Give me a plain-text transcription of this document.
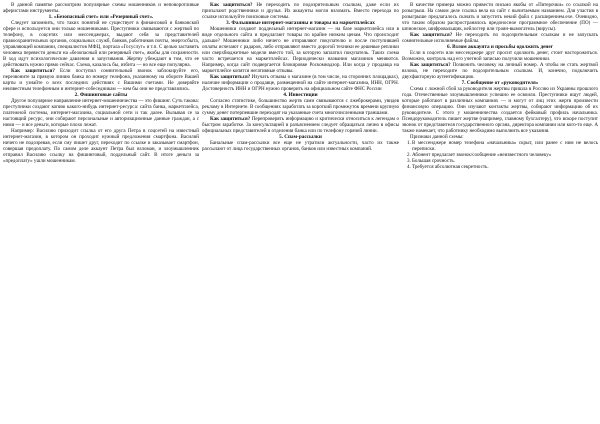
В данной памятке рассмотрим популярные схемы мошенников и неповоротливые аферистами инструменты.

1. «Безопасный счет» или «Резервный счет».

Следует запомнить, что таких понятий не существует в финансовой и банковской сфере и используется они только мошенниками. Преступники связываются с жертвой по телефону, в соцсетях или мессенджерах, выдают себя за представителей правоохранительных органов, социальных служб, банков, работников почты, энергосбыта, управляющей компании, специалистов МФЦ, портала «Госуслуг» и т.п. С целью заставить человека перевести деньги на «безопасный или резервный счет», якобы для сохранности. В ход идут психологические давления и запугивания. Жертву убеждают в том, что ее действовать нужно прямо сейчас. Схема, казалось бы, избита — но все еще популярна.

Как защититься? Если поступил сомнительный звонок заблокируйте его, перезвоните за прямую линию банка по номеру телефона, указанному на обороте Вашей карты и узнайте о всех последних действиях с Вашими счетами. Не доверяйте неизвестным телефонным и интернет-собеседникам — кем бы они не представлялись.

2. Фишинговые сайты

Другое популярное направление интернет-мошенничества — это фишинг. Суть такова: преступники создают копию какого-нибудь интернет-ресурса: сайта банка, маркетплейса, платежной системы, интернет-магазина, социальной сети и так далее. Вызывая се за настоящий ресурс, они собирают персональные и авторизационные данные граждан, а с ними — и все деньги, которые плохо лежат.

Например: Василию приходит ссылка от его друга Петра в соцсетей на известный интернет-магазин, в котором он проходит нужный предложения смартфона. Василий ничего не подозревая, если сму пишет друг, переходит по ссылке и заказывает смартфон, совершая предоплату. По самом деле аккаунт Петра был взломан, и злоумышленник отправил Василию ссылку на фишинговый, поддельный сайт. В итоге деньги за «предоплату» ушли мошенникам.

Как защититься? Не переходить по подозрительным ссылкам, даже если их присылают родственники и друзья. Их аккаунты могли взломать. Вместо перехода по ссылке используйте поисковые системы.

3. Фальшивые интернет-магазины и товары на маркетплейсах

Мошенники создают поддельный интернет-магазин — на базе маркетплейса или в виде отдельного сайта и предлагают товары по крайне низким ценам. Что происходит дальше? Мошенники либо ничего не отправляют покупателю и после поступившей оплаты исчезают с радаров, либо отправляют вместо дорогой техники ее дешевые реплики или сверхбюджетные модели вместо той, за которую заплатил покупатель. Таких схема часто встречается на маркетплейсах. Периодически названия магазинов меняются. Например, когда сайт подвергается блокировке Роскомнадзор. Или когда у продавца на маркетплейсе копятся негативные отзывы.

Как защититься? Изучать отзывы о магазине (в том числе, на сторонних площадках), наличие информации о продавце, размещенной на сайте интернет-магазина, ИНН, ОГРН. Достоверность ИНН и ОГРН нужно проверить на официальном сайте ФНС России

4. Инвестиции

Согласно статистике, большинство жертв сами связываются с лжеброкерами, увидев рекламу в Интернете. В сообщениях заработать за короткий промежуток времени крупную сумму денег потерпевшие переходят на указанные счета многочисленными траншами.

Как защититься? Перепроверять информацию и критически относиться к легендам о быстром заработке. За консультацией и разъяснением следует обращаться лично в офисы официальных представителей в отделения банка или по телефону горячей линии.

5. Спам-рассылки

Банальные спам-рассылки все еще не утратили актуальности, часто их также рассылают от лица государственных органов, банков или известных компаний.

В качестве примера можно привести письмо якобы от «Пятерочки» со ссылкой на розыгрыш. На самом деле ссылка вела на сайт с вычитаемым названием. Для участия в розыгрыше предлагалось скачать и запустить некий файл с расширением.exe. Очевидно, что таким образом распространялось вредоносное программное обеспечение (ПО) — шпионское, шифровальщик, кейлоггер или троян-вымогатель (вирусы).

Как защититься? Не переходить по подозрительным ссылкам и не запускать сомнительные исполняемые файлы.

6. Взлом аккаунта и просьбы одолжить денег

Если в соцсети или мессенджере друг просит одолжить денег, стоит насторожиться. Возможно, контроль над его учетной записью получили мошенники.

Как защититься? Позвонить человеку на личный номер. А чтобы не стать жертвой взлома, не переходите по подозрительным ссылкам. И, конечно, подключить двухфакторную аутентификацию.

7. Сообщение от «руководителя»

Схема с ложной сбой за руководителя жертвы пришла в Россию из Украины прошлого года. Отечественные злоумышленники успешно ее освоили. Преступники ищут людей, которые работают в различных компаниях — и могут от лиц этих жертв произвести финансовую операцию. Они изучают контакты жертвы, собирают информацию об их руководителе. С этого у мошенничества создается фейковый профиль начальника. Псевдоруководитель пишет жертве (например, главному бухгалтеру), что вскоре поступит звонок от представителя государственного органа, директора компании или кого-то еще. А также намекает, что работнику необходимо выполнить все указания.

Признаки данной схемы:

1. В мессенджере номер телефона «начальника» скрыт, или ранее с ним не велось переписки.
2. Абонент предлагает звонок/сообщение «неизвестного человеку»
3. Большая срочность.
4. Требуется абсолютная секретность.
